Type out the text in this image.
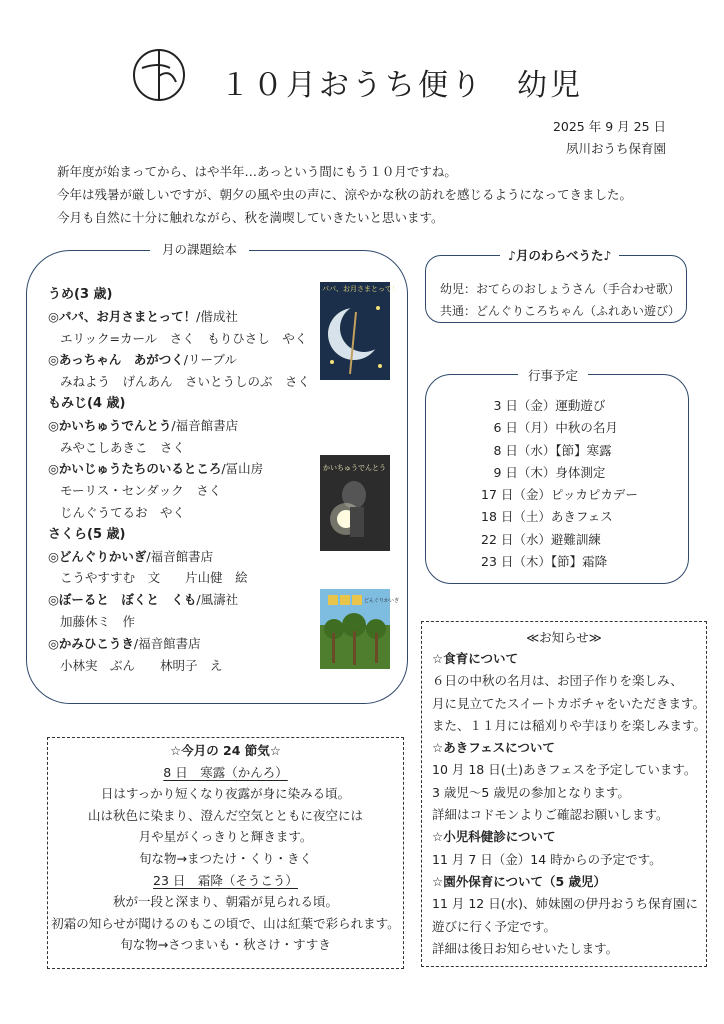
１０月おうち便り　幼児
2025 年 9 月 25 日
夙川おうち保育園
新年度が始まってから、はや半年…あっという間にもう１０月ですね。
今年は残暑が厳しいですが、朝夕の風や虫の声に、涼やかな秋の訪れを感じるようになってきました。
今月も自然に十分に触れながら、秋を満喫していきたいと思います。
月の課題絵本
うめ(3 歳)
◎パパ、お月さまとって！/偕成社
エリック=カール　さく　もりひさし　やく
◎あっちゃん　あがつく/リーブル
みねよう　げんあん　さいとうしのぶ　さく
もみじ(4 歳)
◎かいちゅうでんとう/福音館書店
みやこしあきこ　さく
◎かいじゅうたちのいるところ/冨山房
モーリス・センダック　さく
じんぐうてるお　やく
さくら(5 歳)
◎どんぐりかいぎ/福音館書店
こうやすすむ　文　　片山健　絵
◎ぼーると　ぼくと　くも/風濤社
加藤休ミ　作
◎かみひこうき/福音館書店
小林実　ぶん　　林明子　え
パパ、お月さまとって！
かいちゅうでんとう
どんぐりかいぎ
♪月のわらべうた♪
幼児：おてらのおしょうさん（手合わせ歌）
共通：どんぐりころちゃん（ふれあい遊び）
行事予定
　3 日（金）運動遊び
　6 日（月）中秋の名月
　8 日（水）【節】寒露
　9 日（木）身体測定
17 日（金）ピッカピカデー
18 日（土）あきフェス
22 日（水）避難訓練
23 日（木）【節】霜降
≪お知らせ≫
☆食育について
６日の中秋の名月は、お団子作りを楽しみ、
月に見立てたスイートカボチャをいただきます。
また、１１月には稲刈りや芋ほりを楽しみます。
☆あきフェスについて
10 月 18 日(土)あきフェスを予定しています。
3 歳児～5 歳児の参加となります。
詳細はコドモンよりご確認お願いします。
☆小児科健診について
11 月 7 日（金）14 時からの予定です。
☆園外保育について（5 歳児）
11 月 12 日(水)、姉妹園の伊丹おうち保育園に
遊びに行く予定です。
詳細は後日お知らせいたします。
☆今月の 24 節気☆
8 日　寒露（かんろ）
日はすっかり短くなり夜露が身に染みる頃。
山は秋色に染まり、澄んだ空気とともに夜空には
月や星がくっきりと輝きます。
旬な物→まつたけ・くり・きく
23 日　霜降（そうこう）
秋が一段と深まり、朝霜が見られる頃。
初霜の知らせが聞けるのもこの頃で、山は紅葉で彩られます。
旬な物→さつまいも・秋さけ・すすき
